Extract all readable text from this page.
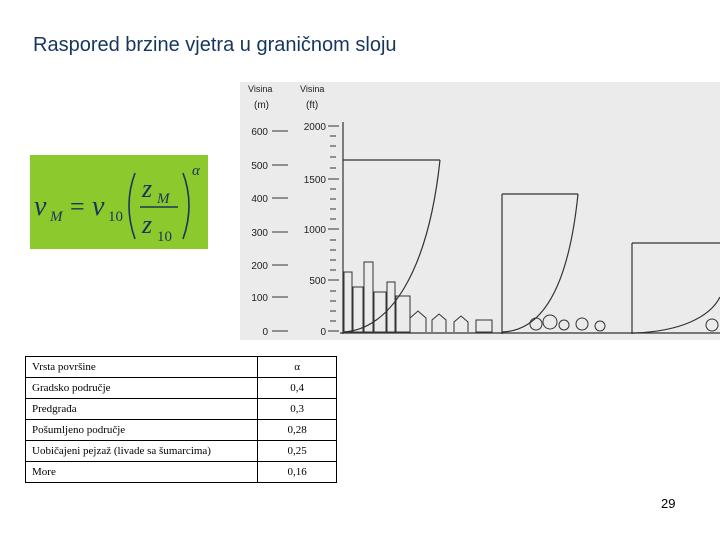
Raspored brzine vjetra u graničnom sloju
v M = v 10
z M
z 10
α
Visina
(m)
Visina
(ft)
600
500
400
300
200
100
0
2000
1500
1000
500
0
Vrsta površine	α
Gradsko područje	0,4
Predgrađa	0,3
Pošumljeno područje	0,28
Uobičajeni pejzaž (livade sa šumarcima)	0,25
More	0,16
29
